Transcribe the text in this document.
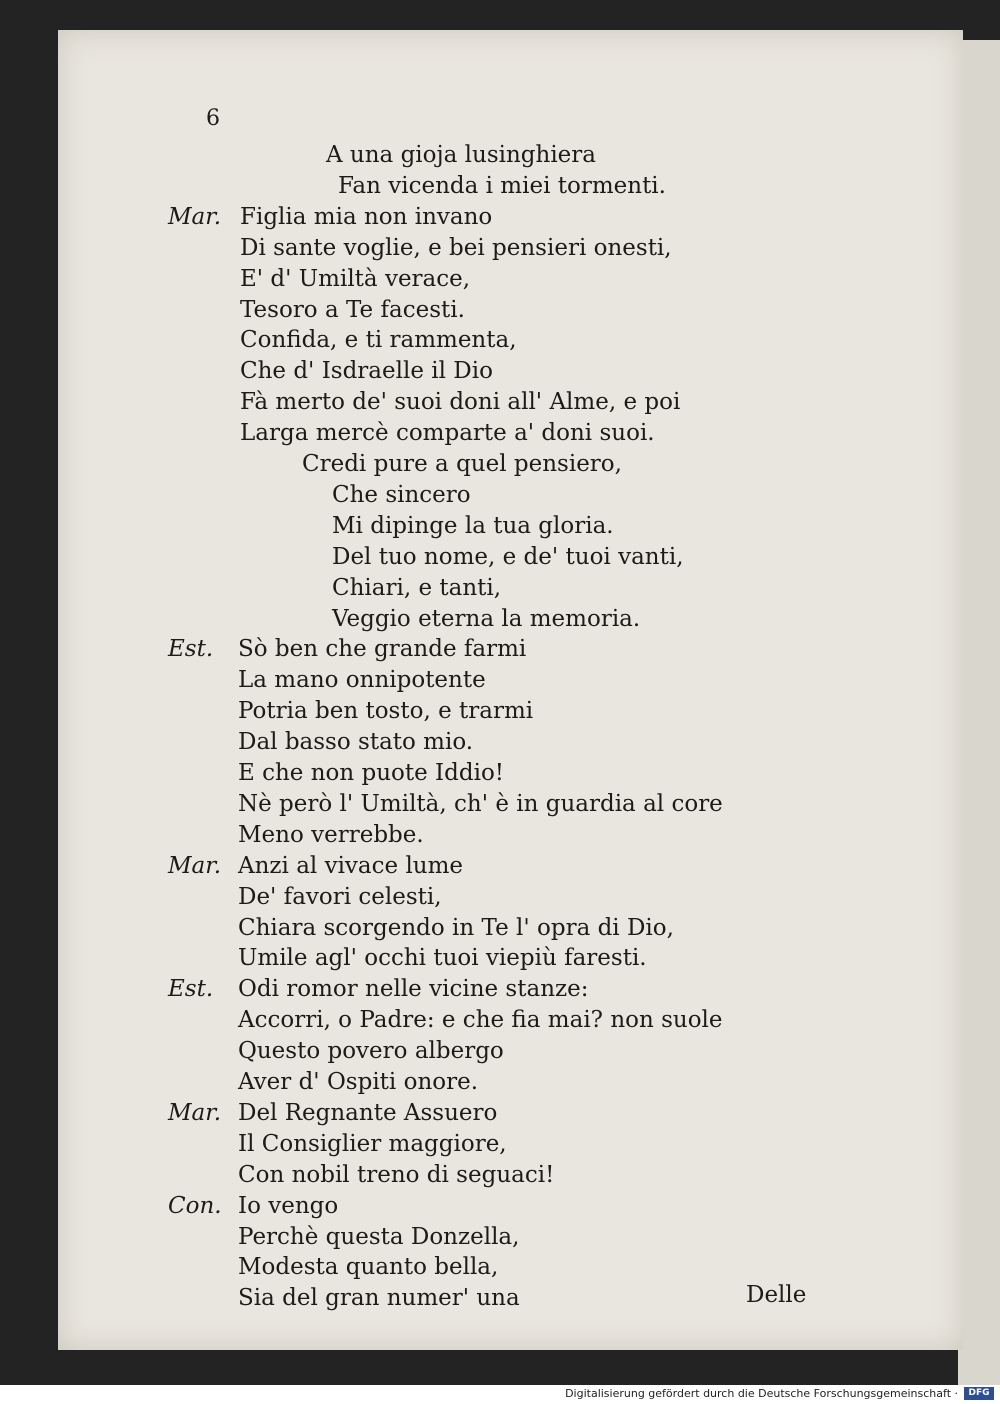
6
A una gioja lusinghiera
Fan vicenda i miei tormenti.
Mar. Figlia mia non invano
Di sante voglie, e bei pensieri onesti,
E' d' Umiltà verace,
Tesoro a Te facesti.
Confida, e ti rammenta,
Che d' Isdraelle il Dio
Fà merto de' suoi doni all' Alme, e poi
Larga mercè comparte a' doni suoi.
Credi pure a quel pensiero,
Che sincero
Mi dipinge la tua gloria.
Del tuo nome, e de' tuoi vanti,
Chiari, e tanti,
Veggio eterna la memoria.
Est. Sò ben che grande farmi
La mano onnipotente
Potria ben tosto, e trarmi
Dal basso stato mio.
E che non puote Iddio!
Nè però l' Umiltà, ch' è in guardia al core
Meno verrebbe.
Mar. Anzi al vivace lume
De' favori celesti,
Chiara scorgendo in Te l' opra di Dio,
Umile agl' occhi tuoi viepiù faresti.
Est. Odi romor nelle vicine stanze:
Accorri, o Padre: e che fia mai? non suole
Questo povero albergo
Aver d' Ospiti onore.
Mar. Del Regnante Assuero
Il Consiglier maggiore,
Con nobil treno di seguaci!
Con. Io vengo
Perchè questa Donzella,
Modesta quanto bella,
Sia del gran numer' una	Delle
Digitalisierung gefördert durch die Deutsche Forschungsgemeinschaft ·	DFG
